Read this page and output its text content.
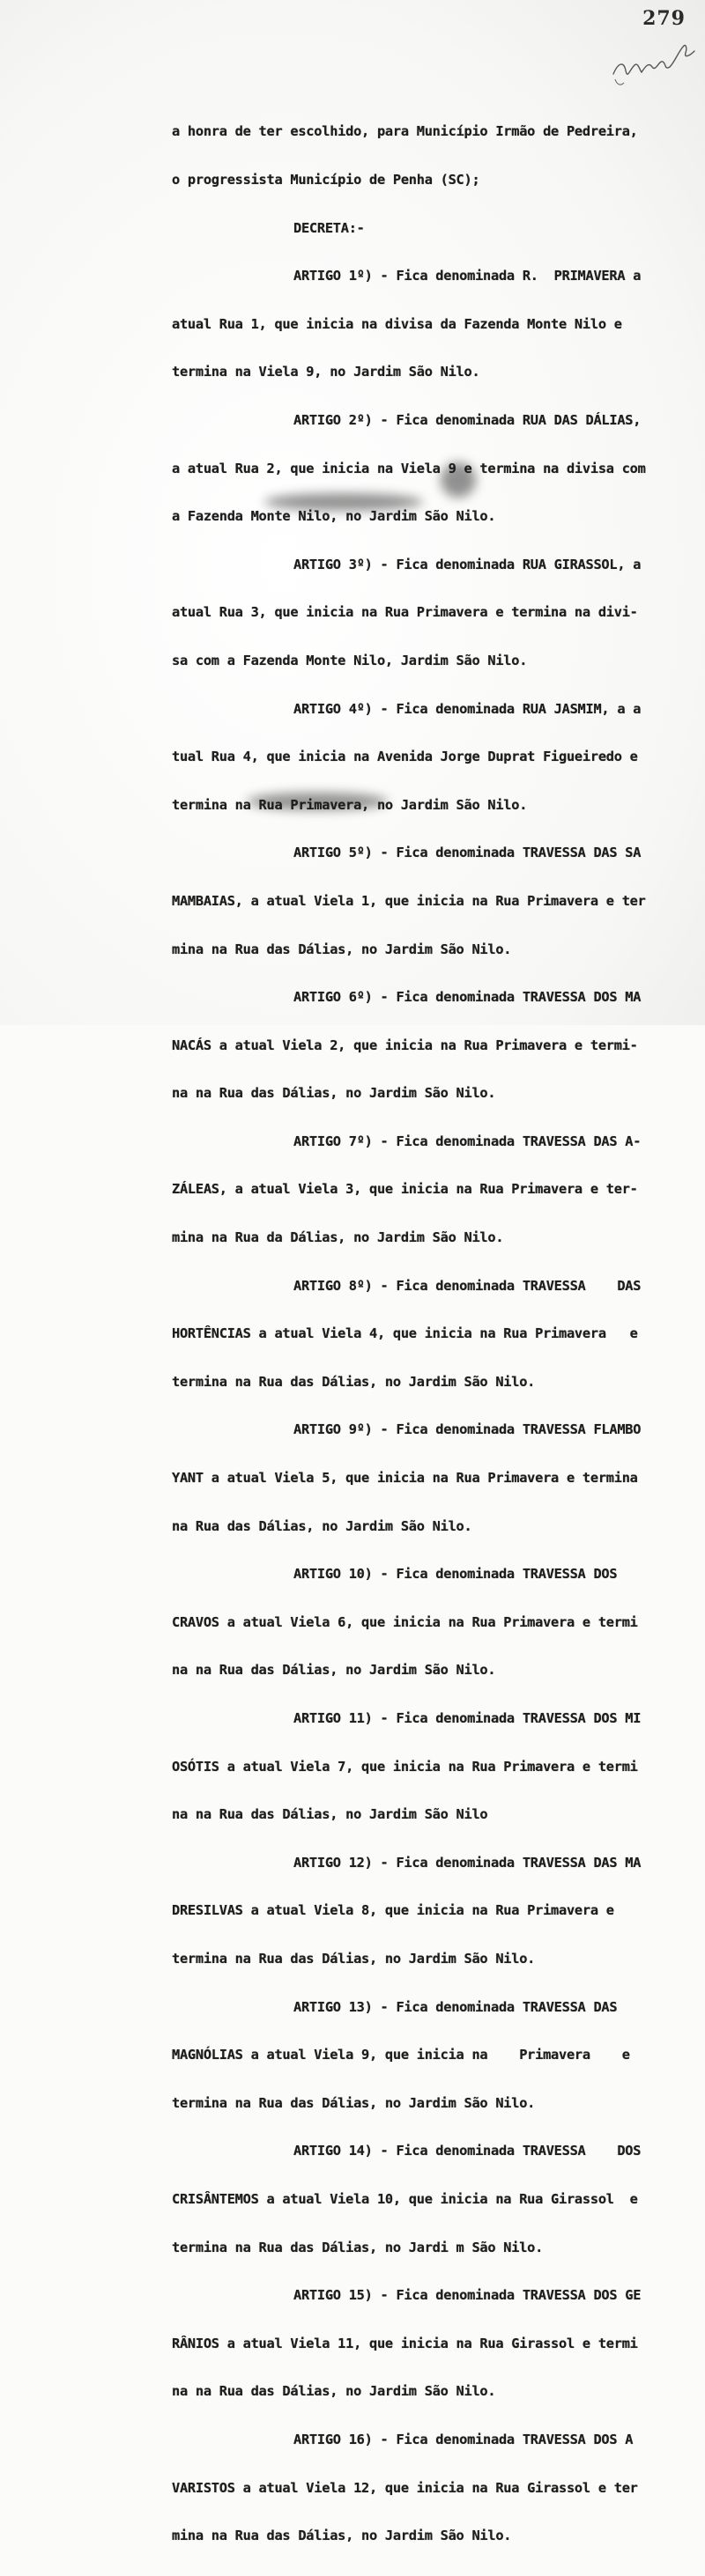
279

a honra de ter escolhido, para Município Irmão de Pedreira,

o progressista Município de Penha (SC);

DECRETA:-

ARTIGO 1º) - Fica denominada R.  PRIMAVERA a

atual Rua 1, que inicia na divisa da Fazenda Monte Nilo e

termina na Viela 9, no Jardim São Nilo.

ARTIGO 2º) - Fica denominada RUA DAS DÁLIAS,

a atual Rua 2, que inicia na Viela 9 e termina na divisa com

a Fazenda Monte Nilo, no Jardim São Nilo.

ARTIGO 3º) - Fica denominada RUA GIRASSOL, a

atual Rua 3, que inicia na Rua Primavera e termina na divi-

sa com a Fazenda Monte Nilo, Jardim São Nilo.

ARTIGO 4º) - Fica denominada RUA JASMIM, a a

tual Rua 4, que inicia na Avenida Jorge Duprat Figueiredo e

termina na Rua Primavera, no Jardim São Nilo.

ARTIGO 5º) - Fica denominada TRAVESSA DAS SA

MAMBAIAS, a atual Viela 1, que inicia na Rua Primavera e ter

mina na Rua das Dálias, no Jardim São Nilo.

ARTIGO 6º) - Fica denominada TRAVESSA DOS MA

NACÁS a atual Viela 2, que inicia na Rua Primavera e termi-

na na Rua das Dálias, no Jardim São Nilo.

ARTIGO 7º) - Fica denominada TRAVESSA DAS A-

ZÁLEAS, a atual Viela 3, que inicia na Rua Primavera e ter-

mina na Rua da Dálias, no Jardim São Nilo.

ARTIGO 8º) - Fica denominada TRAVESSA    DAS

HORTÊNCIAS a atual Viela 4, que inicia na Rua Primavera   e

termina na Rua das Dálias, no Jardim São Nilo.

ARTIGO 9º) - Fica denominada TRAVESSA FLAMBO

YANT a atual Viela 5, que inicia na Rua Primavera e termina

na Rua das Dálias, no Jardim São Nilo.

ARTIGO 10) - Fica denominada TRAVESSA DOS

CRAVOS a atual Viela 6, que inicia na Rua Primavera e termi

na na Rua das Dálias, no Jardim São Nilo.

ARTIGO 11) - Fica denominada TRAVESSA DOS MI

OSÓTIS a atual Viela 7, que inicia na Rua Primavera e termi

na na Rua das Dálias, no Jardim São Nilo

ARTIGO 12) - Fica denominada TRAVESSA DAS MA

DRESILVAS a atual Viela 8, que inicia na Rua Primavera e

termina na Rua das Dálias, no Jardim São Nilo.

ARTIGO 13) - Fica denominada TRAVESSA DAS

MAGNÓLIAS a atual Viela 9, que inicia na    Primavera    e

termina na Rua das Dálias, no Jardim São Nilo.

ARTIGO 14) - Fica denominada TRAVESSA    DOS

CRISÂNTEMOS a atual Viela 10, que inicia na Rua Girassol  e

termina na Rua das Dálias, no Jardi m São Nilo.

ARTIGO 15) - Fica denominada TRAVESSA DOS GE

RÂNIOS a atual Viela 11, que inicia na Rua Girassol e termi

na na Rua das Dálias, no Jardim São Nilo.

ARTIGO 16) - Fica denominada TRAVESSA DOS A

VARISTOS a atual Viela 12, que inicia na Rua Girassol e ter

mina na Rua das Dálias, no Jardim São Nilo.
